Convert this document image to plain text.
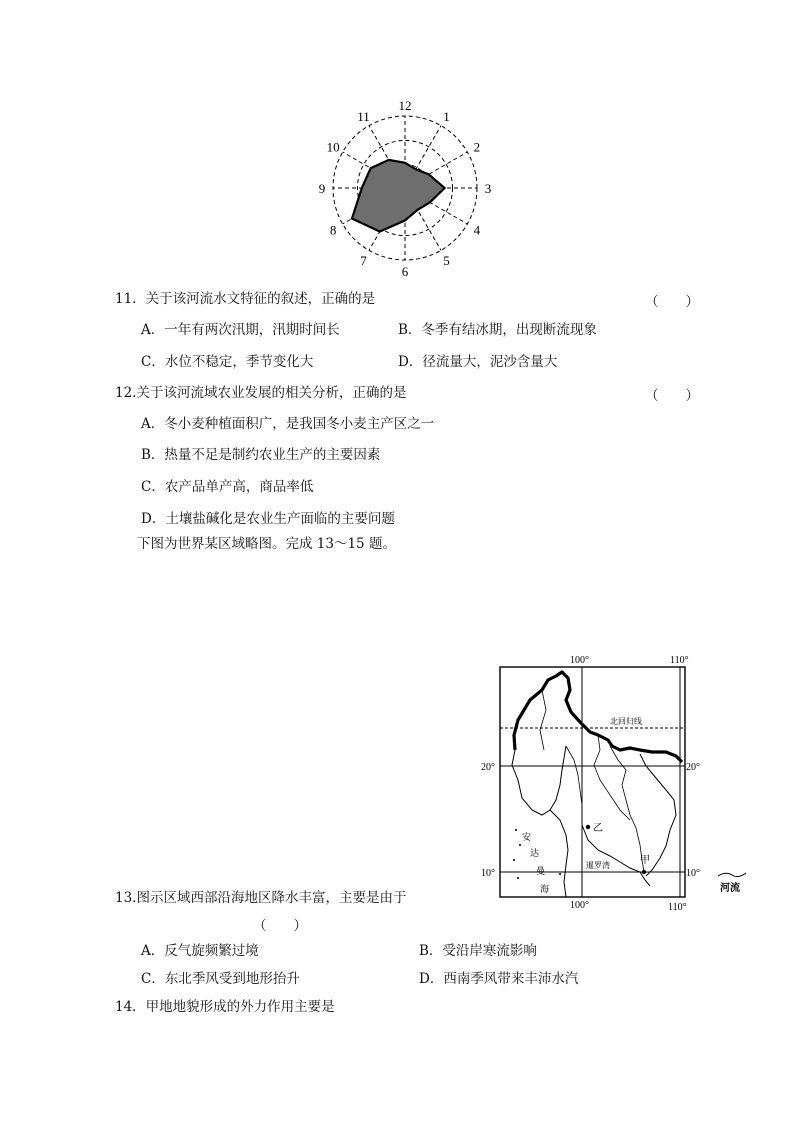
12
1
2
3
4
5
6
7
8
9
10
11
11．关于该河流水文特征的叙述，正确的是	（　　）
A．一年有两次汛期，汛期时间长	B．冬季有结冰期，出现断流现象
C．水位不稳定，季节变化大	D．径流量大，泥沙含量大
12.关于该河流域农业发展的相关分析，正确的是	（　　）
A．冬小麦种植面积广，是我国冬小麦主产区之一
B．热量不足是制约农业生产的主要因素
C．农产品单产高，商品率低
D．土壤盐碱化是农业生产面临的主要问题
下图为世界某区域略图。完成 13～15 题。
100°	110°
100°	110°
20°	20°
10°	10°
北回归线
安
达
曼
海
暹罗湾
乙
甲
河流
13.图示区域西部沿海地区降水丰富，主要是由于
（　　）
A．反气旋频繁过境	B．受沿岸寒流影响
C．东北季风受到地形抬升	D．西南季风带来丰沛水汽
14．甲地地貌形成的外力作用主要是
